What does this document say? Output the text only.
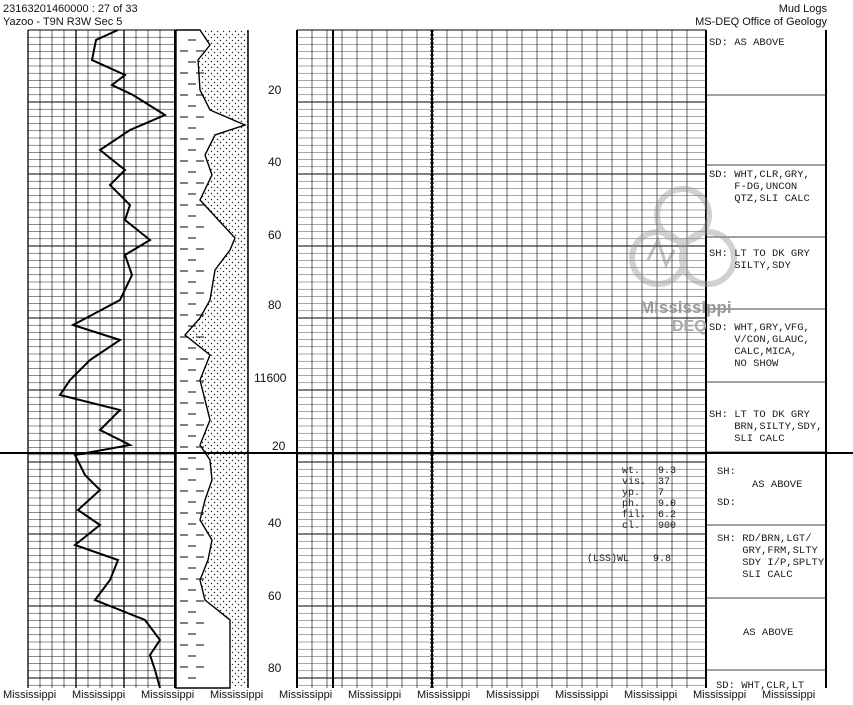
23163201460000 : 27 of 33
Yazoo - T9N R3W Sec 5
Mud Logs
MS-DEQ Office of Geology
20
40
60
80
11600
20
40
60
80
Mississippi
DEQ
SD: AS ABOVE
SD: WHT,CLR,GRY,
F-DG,UNCON
QTZ,SLI CALC
SH: LT TO DK GRY
SILTY,SDY
SD: WHT,GRY,VFG,
V/CON,GLAUC,
CALC,MICA,
NO SHOW
SH: LT TO DK GRY
BRN,SILTY,SDY,
SLI CALC
SH:
AS ABOVE
SD:
SH: RD/BRN,LGT/
GRY,FRM,SLTY
SDY I/P,SPLTY
SLI CALC
AS ABOVE
SD: WHT,CLR,LT
wt.   9.3
vis.  37
yp.   7
ph.   9.0
fil.  6.2
cl.   900
(LSS)WL    9.8
Mississippi Mississippi Mississippi Mississippi Mississippi Mississippi Mississippi Mississippi Mississippi Mississippi Mississippi Mississippi
